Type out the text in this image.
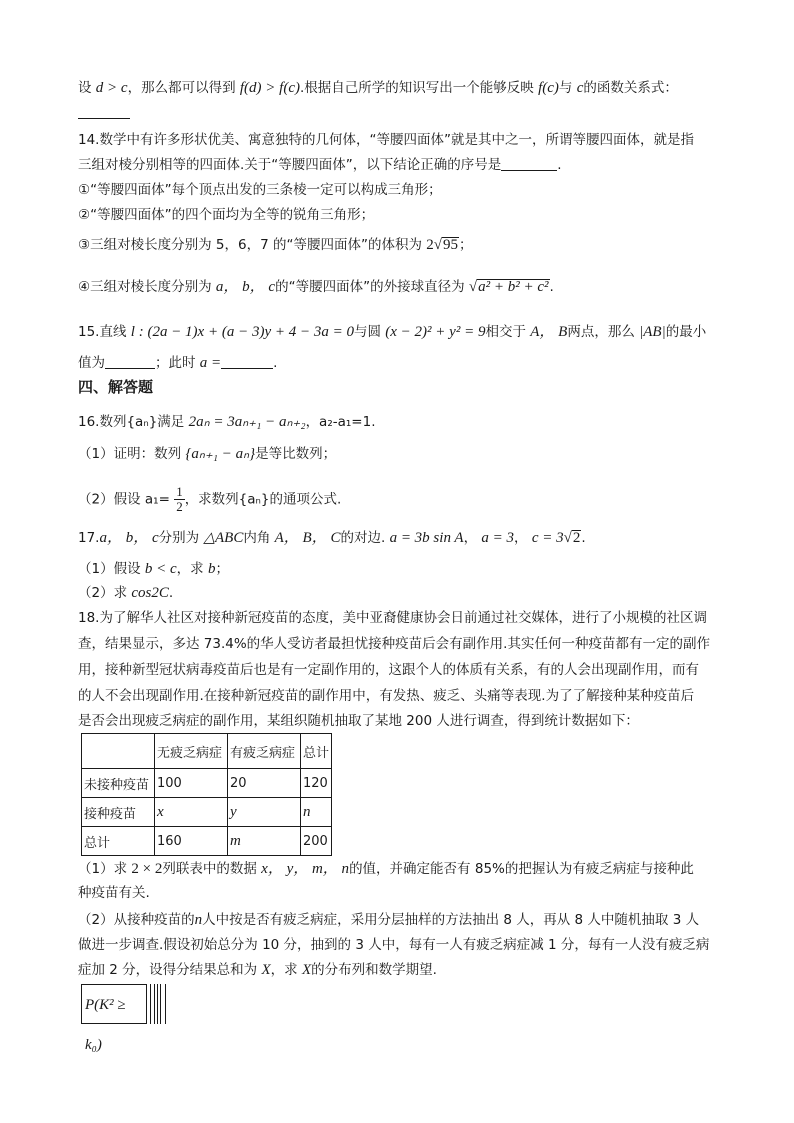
设 d > c，那么都可以得到 f(d) > f(c).根据自己所学的知识写出一个能够反映 f(c)与 c的函数关系式：
14.数学中有许多形状优美、寓意独特的几何体，“等腰四面体”就是其中之一，所谓等腰四面体，就是指
三组对棱分别相等的四面体.关于“等腰四面体”，以下结论正确的序号是	.
①“等腰四面体”每个顶点出发的三条棱一定可以构成三角形；
②“等腰四面体”的四个面均为全等的锐角三角形；
③三组对棱长度分别为 5，6，7 的“等腰四面体”的体积为 2√95；
④三组对棱长度分别为 a， b， c的“等腰四面体”的外接球直径为 √a² + b² + c².
15.直线 l : (2a − 1)x + (a − 3)y + 4 − 3a = 0与圆 (x − 2)² + y² = 9相交于 A， B两点，那么 |AB|的最小
值为	；此时 a =	.
四、解答题
16.数列{aₙ}满足 2aₙ = 3aₙ₊₁ − aₙ₊₂，a₂-a₁=1.
（1）证明：数列 {aₙ₊₁ − aₙ}是等比数列；
（2）假设 $a_1= \frac{1}{2}$ ，求数列{aₙ}的通项公式.
17.a， b， c分别为 △ABC内角 A， B， C的对边. a = 3b sin A， a = 3， c = 3√2.
（1）假设 b < c，求 b；
（2）求 cos2C.
18.为了解华人社区对接种新冠疫苗的态度，美中亚裔健康协会日前通过社交媒体，进行了小规模的社区调
查，结果显示，多达 73.4%的华人受访者最担忧接种疫苗后会有副作用.其实任何一种疫苗都有一定的副作
用，接种新型冠状病毒疫苗后也是有一定副作用的，这跟个人的体质有关系，有的人会出现副作用，而有
的人不会出现副作用.在接种新冠疫苗的副作用中，有发热、疲乏、头痛等表现.为了了解接种某种疫苗后
是否会出现疲乏病症的副作用，某组织随机抽取了某地 200 人进行调查，得到统计数据如下：
	无疲乏病症	有疲乏病症	总计
未接种疫苗	100	20	120
接种疫苗	x	y	n
总计	160	m	200
（1）求 2 × 2列联表中的数据 x， y， m， n的值，并确定能否有 85%的把握认为有疲乏病症与接种此
种疫苗有关.
（2）从接种疫苗的n人中按是否有疲乏病症，采用分层抽样的方法抽出 8 人，再从 8 人中随机抽取 3 人
做进一步调查.假设初始总分为 10 分，抽到的 3 人中，每有一人有疲乏病症减 1 分，每有一人没有疲乏病
症加 2 分，设得分结果总和为 X，求 X的分布列和数学期望.
P(K² ≥ k₀)
